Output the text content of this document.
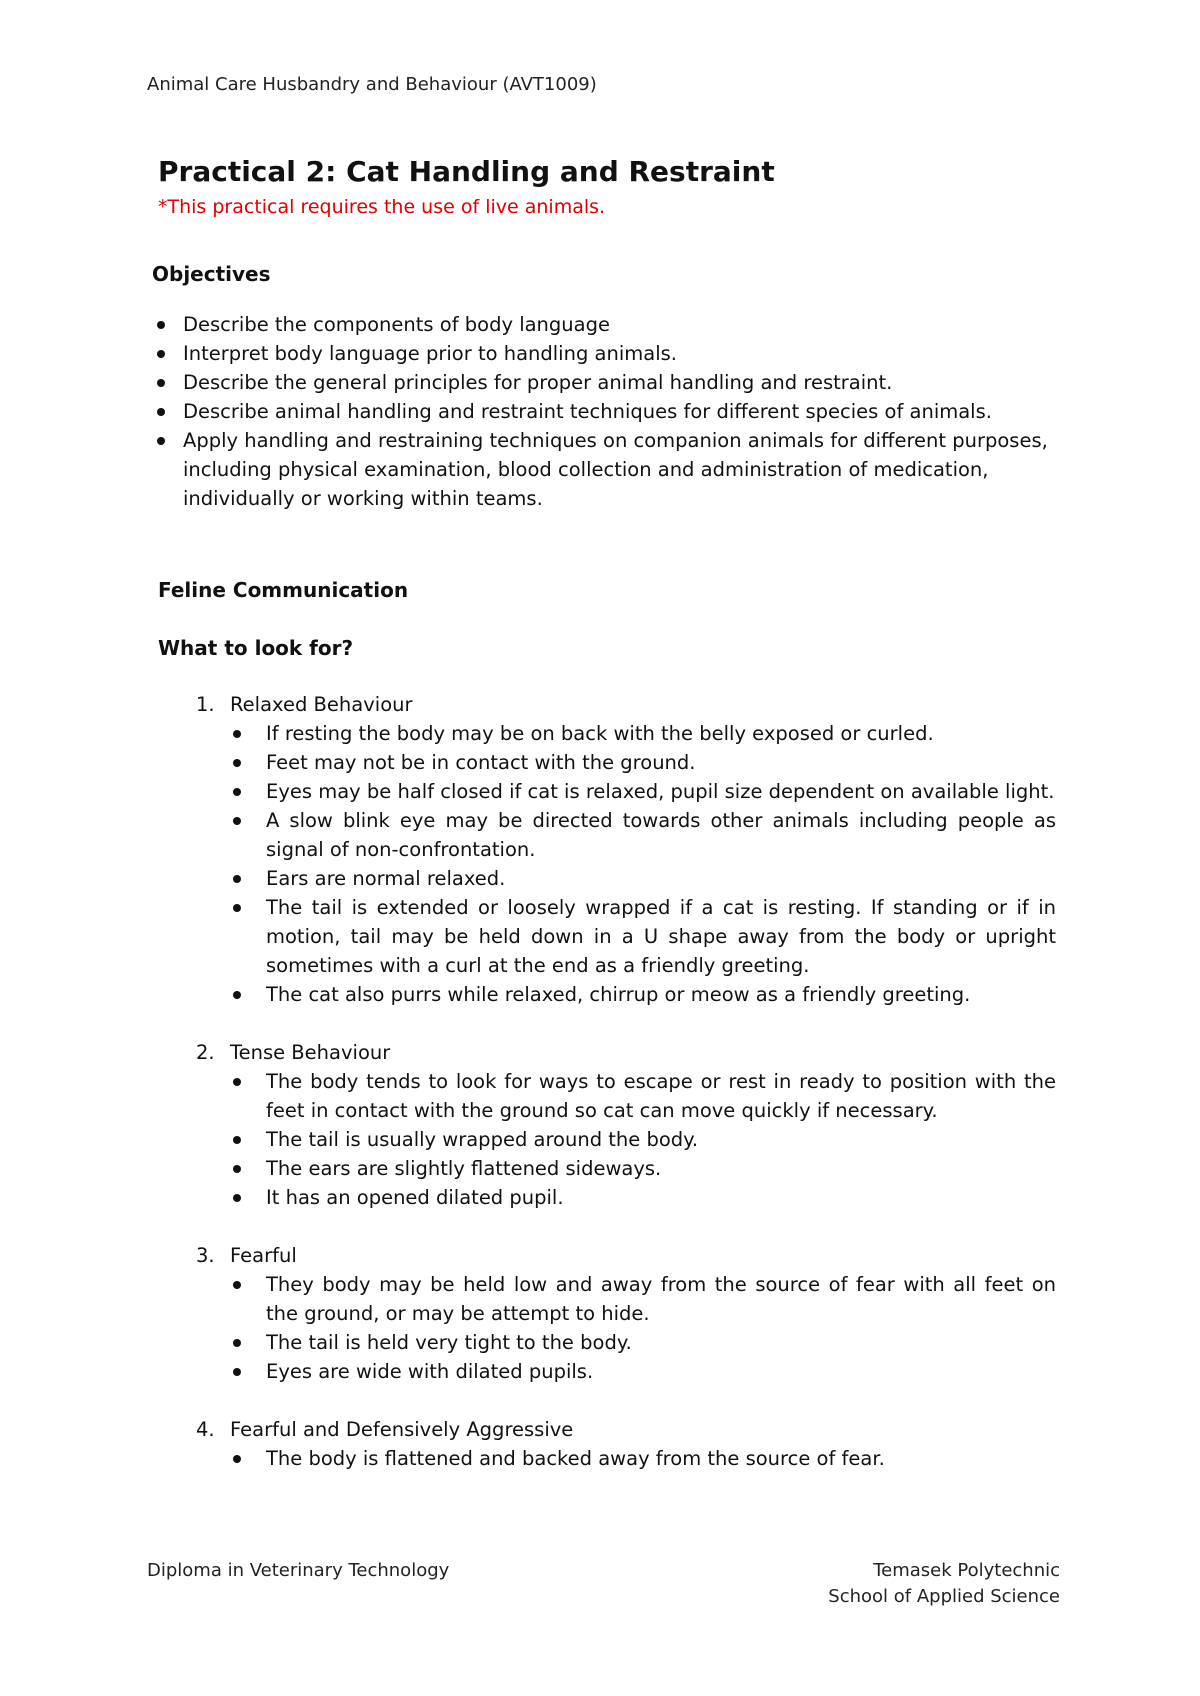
Animal Care Husbandry and Behaviour (AVT1009)
Practical 2: Cat Handling and Restraint
*This practical requires the use of live animals.
Objectives
Describe the components of body language
Interpret body language prior to handling animals.
Describe the general principles for proper animal handling and restraint.
Describe animal handling and restraint techniques for different species of animals.
Apply handling and restraining techniques on companion animals for different purposes, including physical examination, blood collection and administration of medication, individually or working within teams.
Feline Communication
What to look for?
1. Relaxed Behaviour
If resting the body may be on back with the belly exposed or curled.
Feet may not be in contact with the ground.
Eyes may be half closed if cat is relaxed, pupil size dependent on available light.
A slow blink eye may be directed towards other animals including people as signal of non-confrontation.
Ears are normal relaxed.
The tail is extended or loosely wrapped if a cat is resting. If standing or if in motion, tail may be held down in a U shape away from the body or upright sometimes with a curl at the end as a friendly greeting.
The cat also purrs while relaxed, chirrup or meow as a friendly greeting.
2. Tense Behaviour
The body tends to look for ways to escape or rest in ready to position with the feet in contact with the ground so cat can move quickly if necessary.
The tail is usually wrapped around the body.
The ears are slightly flattened sideways.
It has an opened dilated pupil.
3. Fearful
They body may be held low and away from the source of fear with all feet on the ground, or may be attempt to hide.
The tail is held very tight to the body.
Eyes are wide with dilated pupils.
4. Fearful and Defensively Aggressive
The body is flattened and backed away from the source of fear.
Diploma in Veterinary Technology	Temasek Polytechnic
School of Applied Science
